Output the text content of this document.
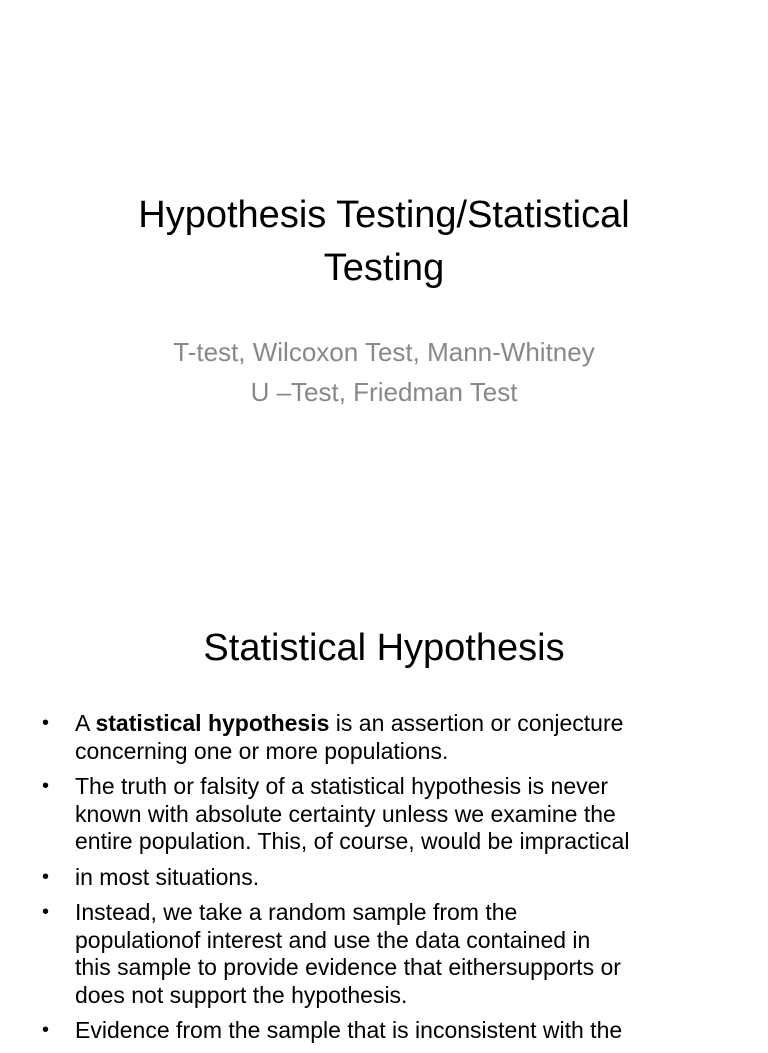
Hypothesis Testing/Statistical
Testing

T-test, Wilcoxon Test, Mann-Whitney
U –Test, Friedman Test

Statistical Hypothesis
•	A statistical hypothesis is an assertion or conjecture
concerning one or more populations.
•	The truth or falsity of a statistical hypothesis is never
known with absolute certainty unless we examine the
entire population. This, of course, would be impractical
•	in most situations.
•	Instead, we take a random sample from the
populationof interest and use the data contained in
this sample to provide evidence that eithersupports or
does not support the hypothesis.
•	Evidence from the sample that is inconsistent with the
